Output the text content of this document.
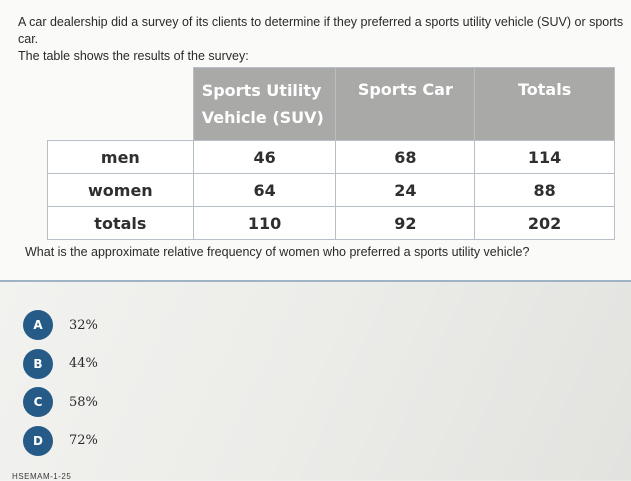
A car dealership did a survey of its clients to determine if they preferred a sports utility vehicle (SUV) or sports car.
The table shows the results of the survey:

	Sports Utility
Vehicle (SUV)	Sports Car	Totals
men	46	68	114
women	64	24	88
totals	110	92	202
What is the approximate relative frequency of women who preferred a sports utility vehicle?
A	32%
B	44%
C	58%
D	72%
HSEMAM-1-25
